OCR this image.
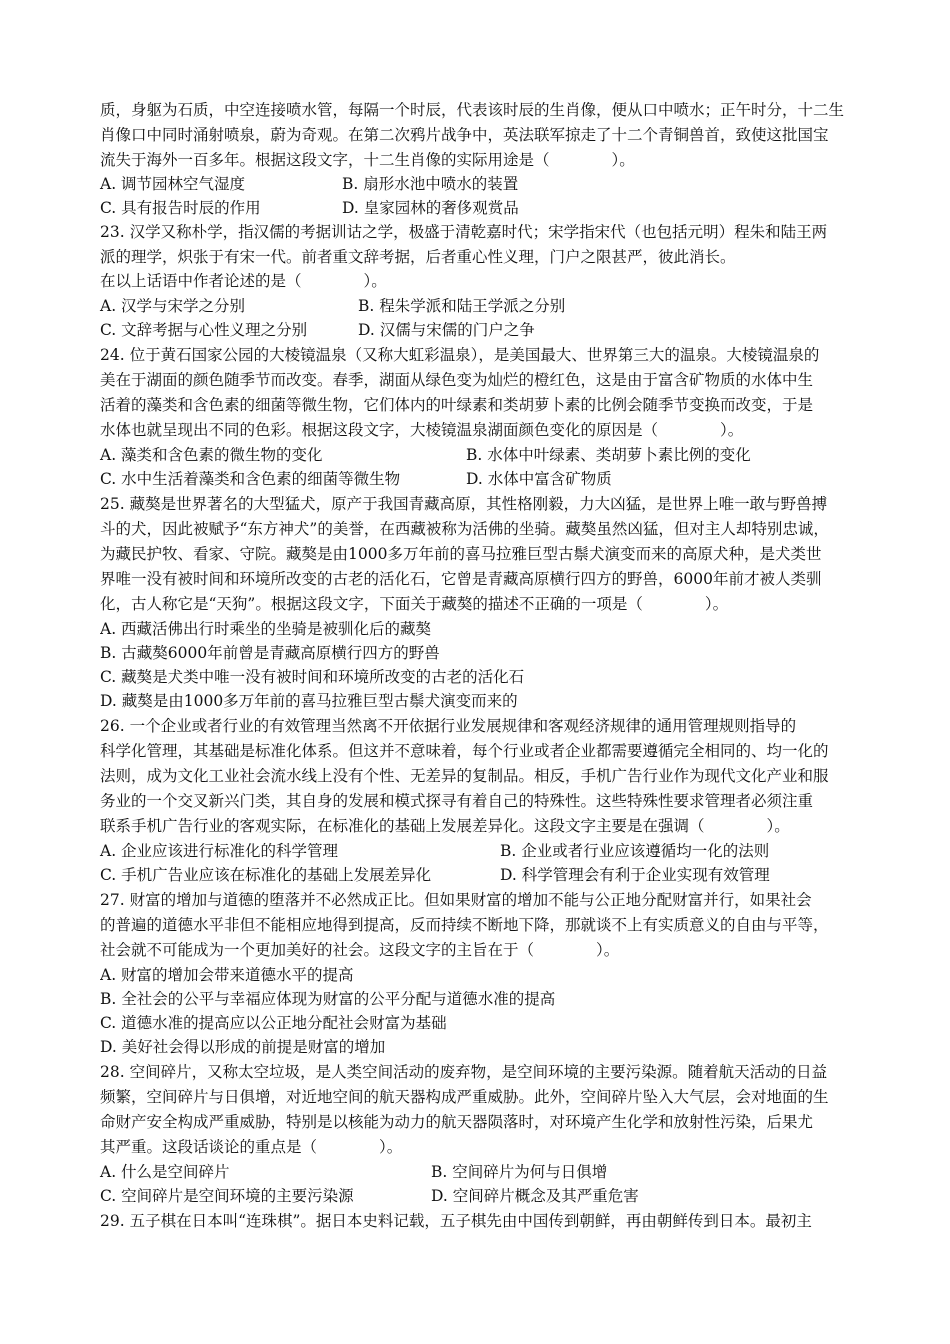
质，身躯为石质，中空连接喷水管，每隔一个时辰，代表该时辰的生肖像，便从口中喷水；正午时分，十二生
肖像口中同时涌射喷泉，蔚为奇观。在第二次鸦片战争中，英法联军掠走了十二个青铜兽首，致使这批国宝
流失于海外一百多年。根据这段文字，十二生肖像的实际用途是（　　　　）。
A. 调节园林空气湿度	B. 扇形水池中喷水的装置
C. 具有报告时辰的作用	D. 皇家园林的奢侈观赏品
23. 汉学又称朴学，指汉儒的考据训诂之学，极盛于清乾嘉时代；宋学指宋代（也包括元明）程朱和陆王两
派的理学，炽张于有宋一代。前者重文辞考据，后者重心性义理，门户之限甚严，彼此消长。
在以上话语中作者论述的是（　　　　）。
A. 汉学与宋学之分别	B. 程朱学派和陆王学派之分别
C. 文辞考据与心性义理之分别	D. 汉儒与宋儒的门户之争
24. 位于黄石国家公园的大棱镜温泉（又称大虹彩温泉），是美国最大、世界第三大的温泉。大棱镜温泉的
美在于湖面的颜色随季节而改变。春季，湖面从绿色变为灿烂的橙红色，这是由于富含矿物质的水体中生
活着的藻类和含色素的细菌等微生物，它们体内的叶绿素和类胡萝卜素的比例会随季节变换而改变，于是
水体也就呈现出不同的色彩。根据这段文字，大棱镜温泉湖面颜色变化的原因是（　　　　）。
A. 藻类和含色素的微生物的变化	B. 水体中叶绿素、类胡萝卜素比例的变化
C. 水中生活着藻类和含色素的细菌等微生物	D. 水体中富含矿物质
25. 藏獒是世界著名的大型猛犬，原产于我国青藏高原，其性格刚毅，力大凶猛，是世界上唯一敢与野兽搏
斗的犬，因此被赋予“东方神犬”的美誉，在西藏被称为活佛的坐骑。藏獒虽然凶猛，但对主人却特别忠诚，
为藏民护牧、看家、守院。藏獒是由1000多万年前的喜马拉雅巨型古鬃犬演变而来的高原犬种，是犬类世
界唯一没有被时间和环境所改变的古老的活化石，它曾是青藏高原横行四方的野兽，6000年前才被人类驯
化，古人称它是“天狗”。根据这段文字，下面关于藏獒的描述不正确的一项是（　　　　）。
A. 西藏活佛出行时乘坐的坐骑是被驯化后的藏獒
B. 古藏獒6000年前曾是青藏高原横行四方的野兽
C. 藏獒是犬类中唯一没有被时间和环境所改变的古老的活化石
D. 藏獒是由1000多万年前的喜马拉雅巨型古鬃犬演变而来的
26. 一个企业或者行业的有效管理当然离不开依据行业发展规律和客观经济规律的通用管理规则指导的
科学化管理，其基础是标准化体系。但这并不意味着，每个行业或者企业都需要遵循完全相同的、均一化的
法则，成为文化工业社会流水线上没有个性、无差异的复制品。相反，手机广告行业作为现代文化产业和服
务业的一个交叉新兴门类，其自身的发展和模式探寻有着自己的特殊性。这些特殊性要求管理者必须注重
联系手机广告行业的客观实际，在标准化的基础上发展差异化。这段文字主要是在强调（　　　　）。
A. 企业应该进行标准化的科学管理	B. 企业或者行业应该遵循均一化的法则
C. 手机广告业应该在标准化的基础上发展差异化	D. 科学管理会有利于企业实现有效管理
27. 财富的增加与道德的堕落并不必然成正比。但如果财富的增加不能与公正地分配财富并行，如果社会
的普遍的道德水平非但不能相应地得到提高，反而持续不断地下降，那就谈不上有实质意义的自由与平等，
社会就不可能成为一个更加美好的社会。这段文字的主旨在于（　　　　）。
A. 财富的增加会带来道德水平的提高
B. 全社会的公平与幸福应体现为财富的公平分配与道德水准的提高
C. 道德水准的提高应以公正地分配社会财富为基础
D. 美好社会得以形成的前提是财富的增加
28. 空间碎片，又称太空垃圾，是人类空间活动的废弃物，是空间环境的主要污染源。随着航天活动的日益
频繁，空间碎片与日俱增，对近地空间的航天器构成严重威胁。此外，空间碎片坠入大气层，会对地面的生
命财产安全构成严重威胁，特别是以核能为动力的航天器陨落时，对环境产生化学和放射性污染，后果尤
其严重。这段话谈论的重点是（　　　　）。
A. 什么是空间碎片	B. 空间碎片为何与日俱增
C. 空间碎片是空间环境的主要污染源	D. 空间碎片概念及其严重危害
29. 五子棋在日本叫“连珠棋”。据日本史料记载，五子棋先由中国传到朝鲜，再由朝鲜传到日本。最初主
